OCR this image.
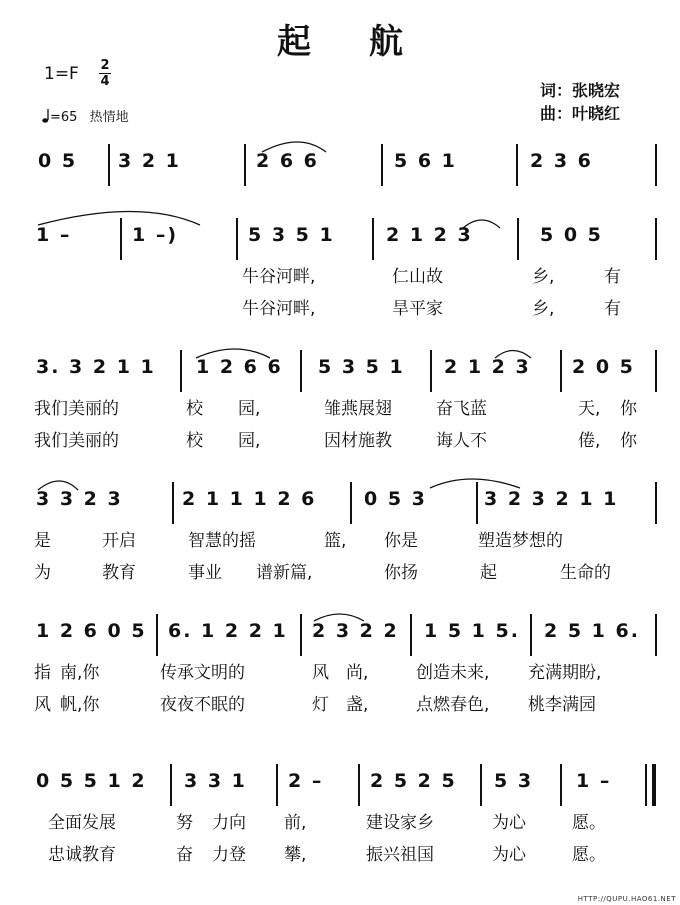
起航
1=F 2
4
=65 热情地
词：张晓宏
曲：叶晓红
0 5 3 2 1	2 6 6	5 6 1	2 3 6
1 –	1 –)	5 3 5 1	2 1 2 3	5 0 5
牛谷河畔,	仁山故	乡,	有
牛谷河畔,	旱平家	乡,	有
3. 3 2 1 1 1 2 6 6 5 3 5 1 2 1 2 3 2 0 5
我们美丽的	校 园,	雏燕展翅	奋飞蓝	天, 你
我们美丽的	校 园,	因材施教	诲人不	倦, 你
3 3 2 3	2 1 1 1 2 6	0 5 3	3 2 3 2 1 1
是	开启	智慧的摇	篮, 你是	塑造梦想的
为	教育	事业 谱新篇,	你扬	起	生命的
1 2 6 0 5 6. 1 2 2 1 2 3 2 2 1 5 1 5. 2 5 1 6.
指 南,你	传承文明的	风 尚,	创造未来, 充满期盼,
风 帆,你	夜夜不眠的	灯 盏,	点燃春色, 桃李满园
0 5 5 1 2 3 3 1 2 – 2 5 2 5 5 3 1 –
全面发展	努 力向 前,	建设家乡	为心	愿。
忠诚教育	奋 力登 攀,	振兴祖国	为心	愿。
HTTP://QUPU.HAO61.NET
